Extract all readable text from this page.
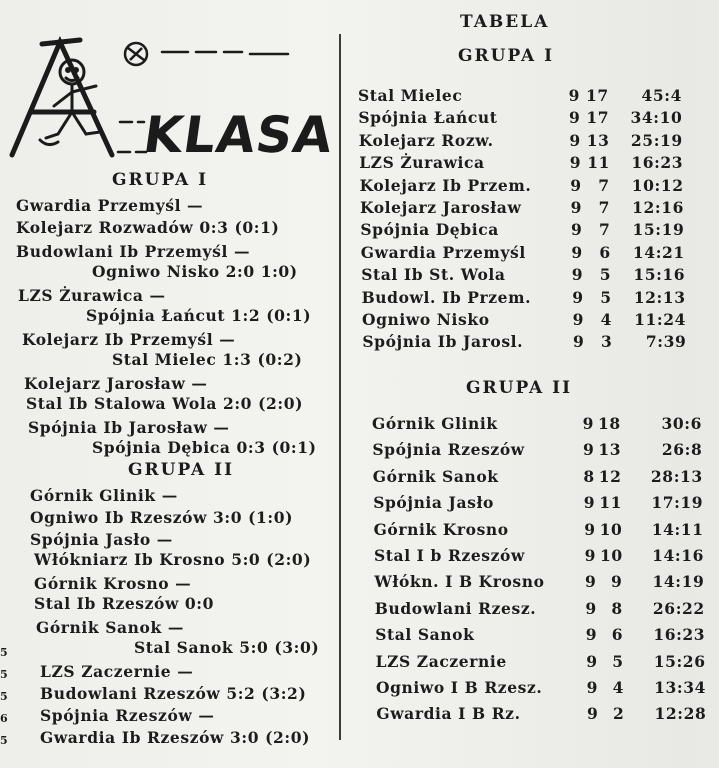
KLASA
GRUPA I
Gwardia Przemyśl —
Kolejarz Rozwadów 0:3 (0:1)
Budowlani Ib Przemyśl —
Ogniwo Nisko 2:0 1:0)
LZS Żurawica —
Spójnia Łańcut 1:2 (0:1)
Kolejarz Ib Przemyśl —
Stal Mielec 1:3 (0:2)
Kolejarz Jarosław —
Stal Ib Stalowa Wola 2:0 (2:0)
Spójnia Ib Jarosław —
Spójnia Dębica 0:3 (0:1)
GRUPA II
Górnik Glinik —
Ogniwo Ib Rzeszów 3:0 (1:0)
Spójnia Jasło —
Włókniarz Ib Krosno 5:0 (2:0)
Górnik Krosno —
Stal Ib Rzeszów 0:0
Górnik Sanok —
Stal Sanok 5:0 (3:0)
LZS Zaczernie —
Budowlani Rzeszów 5:2 (3:2)
Spójnia Rzeszów —
Gwardia Ib Rzeszów 3:0 (2:0)
5
5
5
6
5
TABELA
GRUPA I
Stal Mielec	9 17	45:4
Spójnia Łańcut	9 17	34:10
Kolejarz Rozw.	9 13	25:19
LZS Żurawica	9 11	16:23
Kolejarz Ib Przem.	9	7	10:12
Kolejarz Jarosław	9	7	12:16
Spójnia Dębica	9	7	15:19
Gwardia Przemyśl	9	6	14:21
Stal Ib St. Wola	9	5	15:16
Budowl. Ib Przem.	9	5	12:13
Ogniwo Nisko	9	4	11:24
Spójnia Ib Jarosl.	9	3	7:39
GRUPA II
Górnik Glinik	9 18	30:6
Spójnia Rzeszów	9 13	26:8
Górnik Sanok	8 12	28:13
Spójnia Jasło	9 11	17:19
Górnik Krosno	9 10	14:11
Stal I b Rzeszów	9 10	14:16
Włókn. I B Krosno	9 9	14:19
Budowlani Rzesz.	9 8	26:22
Stal Sanok	9 6	16:23
LZS Zaczernie	9 5	15:26
Ogniwo I B Rzesz.	9 4	13:34
Gwardia I B Rz.	9 2	12:28
